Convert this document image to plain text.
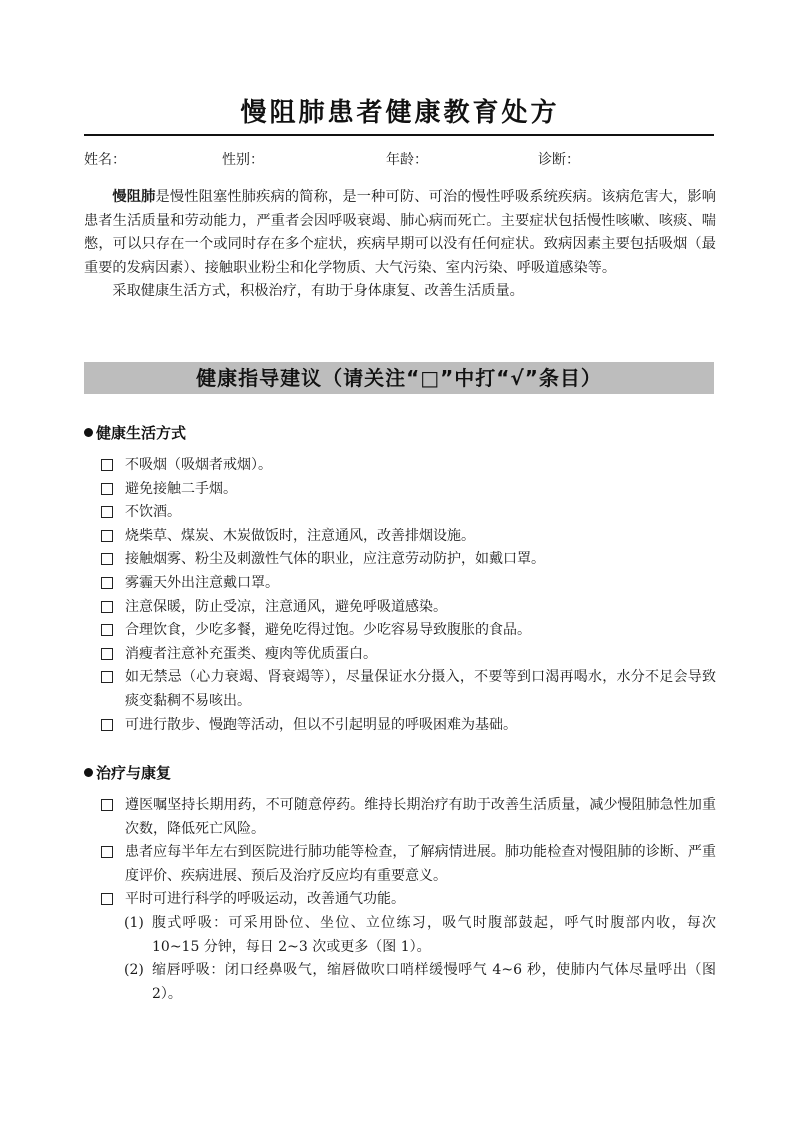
慢阻肺患者健康教育处方
姓名：	性别：	年龄：	诊断：

慢阻肺是慢性阻塞性肺疾病的简称，是一种可防、可治的慢性呼吸系统疾病。该病危害大，影响患者生活质量和劳动能力，严重者会因呼吸衰竭、肺心病而死亡。主要症状包括慢性咳嗽、咳痰、喘憋，可以只存在一个或同时存在多个症状，疾病早期可以没有任何症状。致病因素主要包括吸烟（最重要的发病因素）、接触职业粉尘和化学物质、大气污染、室内污染、呼吸道感染等。

采取健康生活方式，积极治疗，有助于身体康复、改善生活质量。

健康指导建议（请关注“□”中打“√”条目）
健康生活方式
不吸烟（吸烟者戒烟）。
避免接触二手烟。
不饮酒。
烧柴草、煤炭、木炭做饭时，注意通风，改善排烟设施。
接触烟雾、粉尘及刺激性气体的职业，应注意劳动防护，如戴口罩。
雾霾天外出注意戴口罩。
注意保暖，防止受凉，注意通风，避免呼吸道感染。
合理饮食，少吃多餐，避免吃得过饱。少吃容易导致腹胀的食品。
消瘦者注意补充蛋类、瘦肉等优质蛋白。
如无禁忌（心力衰竭、肾衰竭等），尽量保证水分摄入，不要等到口渴再喝水，水分不足会导致痰变黏稠不易咳出。
可进行散步、慢跑等活动，但以不引起明显的呼吸困难为基础。
治疗与康复
遵医嘱坚持长期用药，不可随意停药。维持长期治疗有助于改善生活质量，减少慢阻肺急性加重次数，降低死亡风险。
患者应每半年左右到医院进行肺功能等检查，了解病情进展。肺功能检查对慢阻肺的诊断、严重度评价、疾病进展、预后及治疗反应均有重要意义。
平时可进行科学的呼吸运动，改善通气功能。
(1) 腹式呼吸：可采用卧位、坐位、立位练习，吸气时腹部鼓起，呼气时腹部内收，每次10~15 分钟，每日 2~3 次或更多（图 1）。
(2) 缩唇呼吸：闭口经鼻吸气，缩唇做吹口哨样缓慢呼气 4~6 秒，使肺内气体尽量呼出（图 2）。
